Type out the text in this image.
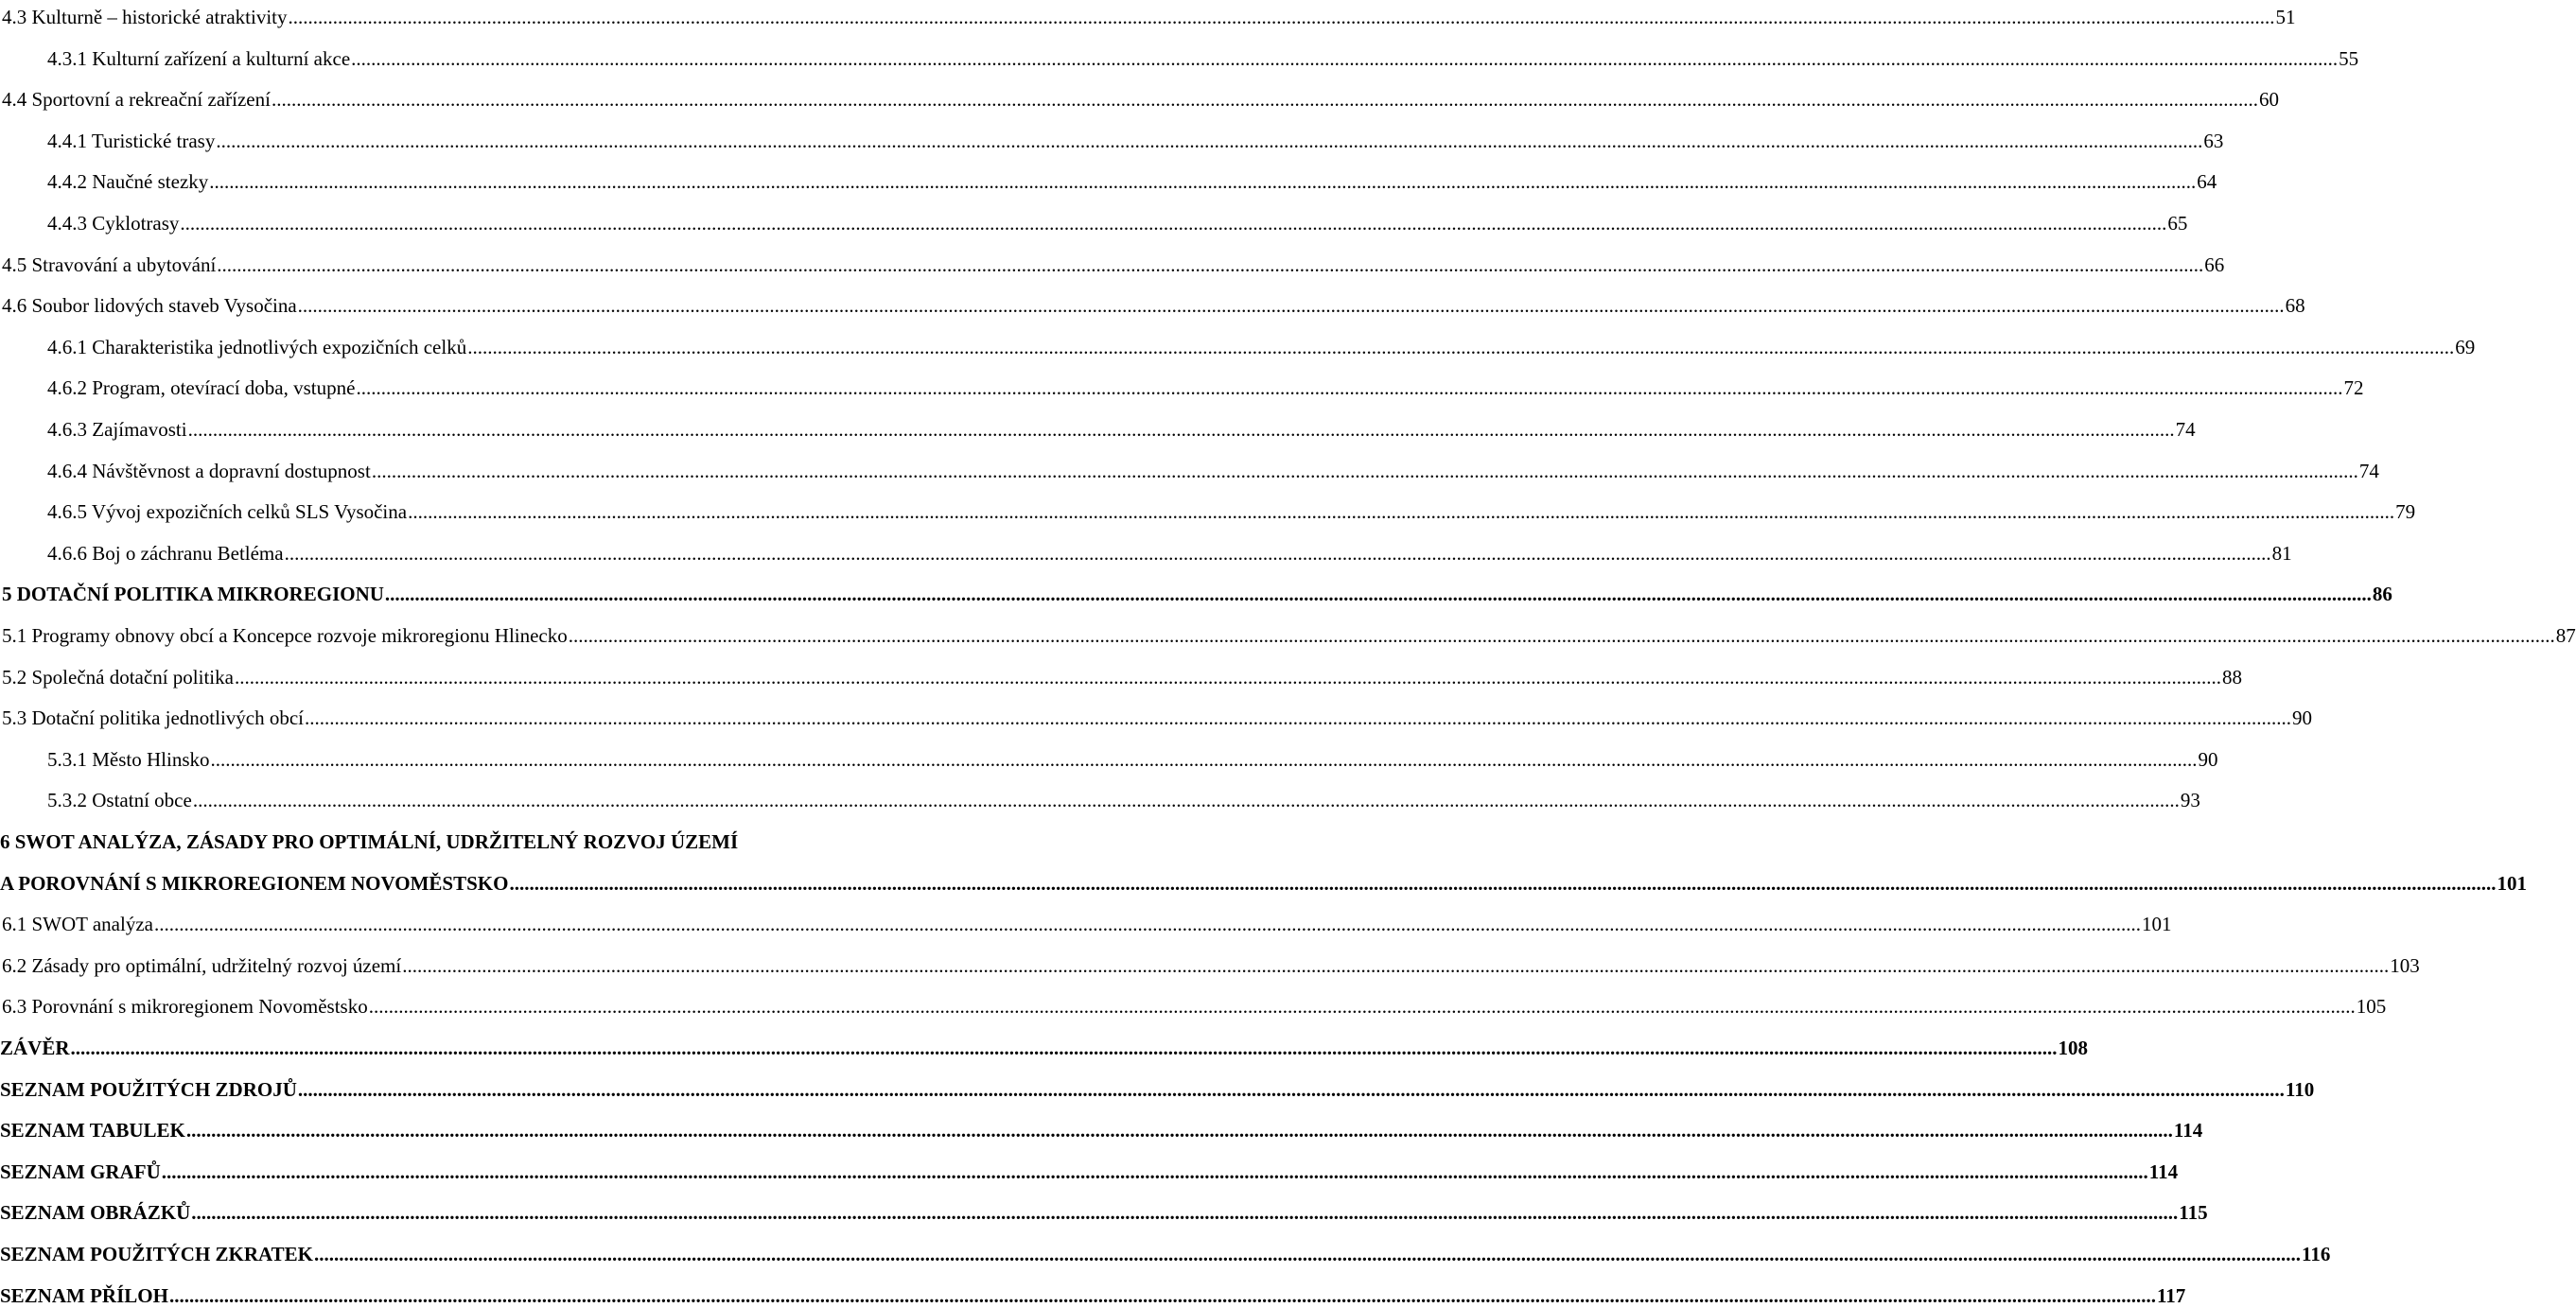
4.3 Kulturně – historické atraktivity ................................................................................................................................................................................................................................................................................................................................................................................................................ 51
4.3.1 Kulturní zařízení a kulturní akce ................................................................................................................................................................................................................................................................................................................................................................................................................ 55
4.4 Sportovní a rekreační zařízení ................................................................................................................................................................................................................................................................................................................................................................................................................ 60
4.4.1 Turistické trasy ................................................................................................................................................................................................................................................................................................................................................................................................................ 63
4.4.2 Naučné stezky ................................................................................................................................................................................................................................................................................................................................................................................................................ 64
4.4.3 Cyklotrasy ................................................................................................................................................................................................................................................................................................................................................................................................................ 65
4.5 Stravování a ubytování ................................................................................................................................................................................................................................................................................................................................................................................................................ 66
4.6 Soubor lidových staveb Vysočina ................................................................................................................................................................................................................................................................................................................................................................................................................ 68
4.6.1 Charakteristika jednotlivých expozičních celků ................................................................................................................................................................................................................................................................................................................................................................................................................ 69
4.6.2 Program, otevírací doba, vstupné ................................................................................................................................................................................................................................................................................................................................................................................................................ 72
4.6.3 Zajímavosti ................................................................................................................................................................................................................................................................................................................................................................................................................ 74
4.6.4 Návštěvnost a dopravní dostupnost ................................................................................................................................................................................................................................................................................................................................................................................................................ 74
4.6.5 Vývoj expozičních celků SLS Vysočina ................................................................................................................................................................................................................................................................................................................................................................................................................ 79
4.6.6 Boj o záchranu Betléma ................................................................................................................................................................................................................................................................................................................................................................................................................ 81
5 DOTAČNÍ POLITIKA MIKROREGIONU ................................................................................................................................................................................................................................................................................................................................................................................................................ 86
5.1 Programy obnovy obcí a Koncepce rozvoje mikroregionu Hlinecko ................................................................................................................................................................................................................................................................................................................................................................................................................ 87
5.2 Společná dotační politika ................................................................................................................................................................................................................................................................................................................................................................................................................ 88
5.3 Dotační politika jednotlivých obcí ................................................................................................................................................................................................................................................................................................................................................................................................................ 90
5.3.1 Město Hlinsko ................................................................................................................................................................................................................................................................................................................................................................................................................ 90
5.3.2 Ostatní obce ................................................................................................................................................................................................................................................................................................................................................................................................................ 93
6 SWOT ANALÝZA, ZÁSADY PRO OPTIMÁLNÍ, UDRŽITELNÝ ROZVOJ ÚZEMÍ
A POROVNÁNÍ S MIKROREGIONEM NOVOMĚSTSKO ................................................................................................................................................................................................................................................................................................................................................................................................................ 101
6.1 SWOT analýza ................................................................................................................................................................................................................................................................................................................................................................................................................ 101
6.2 Zásady pro optimální, udržitelný rozvoj území ................................................................................................................................................................................................................................................................................................................................................................................................................ 103
6.3 Porovnání s mikroregionem Novoměstsko ................................................................................................................................................................................................................................................................................................................................................................................................................ 105
ZÁVĚR ................................................................................................................................................................................................................................................................................................................................................................................................................ 108
SEZNAM POUŽITÝCH ZDROJŮ ................................................................................................................................................................................................................................................................................................................................................................................................................ 110
SEZNAM TABULEK ................................................................................................................................................................................................................................................................................................................................................................................................................ 114
SEZNAM GRAFŮ ................................................................................................................................................................................................................................................................................................................................................................................................................ 114
SEZNAM OBRÁZKŮ ................................................................................................................................................................................................................................................................................................................................................................................................................ 115
SEZNAM POUŽITÝCH ZKRATEK ................................................................................................................................................................................................................................................................................................................................................................................................................ 116
SEZNAM PŘÍLOH ................................................................................................................................................................................................................................................................................................................................................................................................................ 117
